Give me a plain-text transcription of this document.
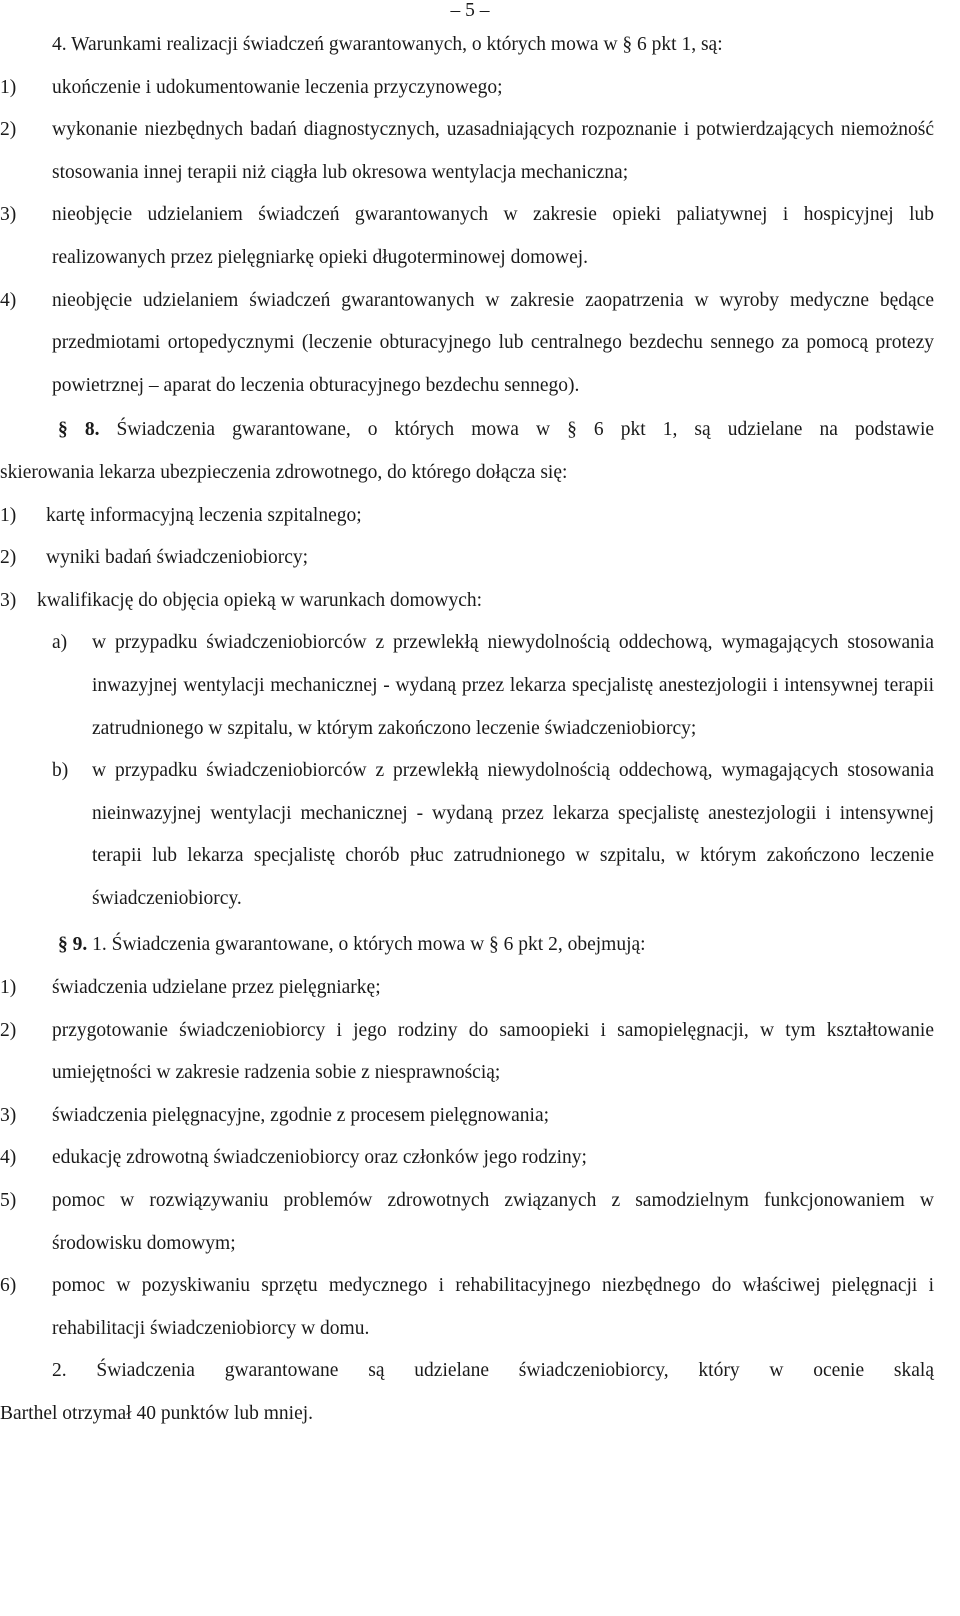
– 5 –

4. Warunkami realizacji świadczeń gwarantowanych, o których mowa w § 6 pkt 1, są:

1)	ukończenie i udokumentowanie leczenia przyczynowego;
2)	wykonanie niezbędnych badań diagnostycznych, uzasadniających rozpoznanie i potwierdzających niemożność stosowania innej terapii niż ciągła lub okresowa wentylacja mechaniczna;
3)	nieobjęcie udzielaniem świadczeń gwarantowanych w zakresie opieki paliatywnej i hospicyjnej lub realizowanych przez pielęgniarkę opieki długoterminowej domowej.
4)	nieobjęcie udzielaniem świadczeń gwarantowanych w zakresie zaopatrzenia w wyroby medyczne będące przedmiotami ortopedycznymi (leczenie obturacyjnego lub centralnego bezdechu sennego za pomocą protezy powietrznej – aparat do leczenia obturacyjnego bezdechu sennego).

§ 8. Świadczenia gwarantowane, o których mowa w § 6 pkt 1, są udzielane na podstawie

skierowania lekarza ubezpieczenia zdrowotnego, do którego dołącza się:

1)	kartę informacyjną leczenia szpitalnego;
2)	wyniki badań świadczeniobiorcy;
3)	kwalifikację do objęcia opieką w warunkach domowych:
a)	w przypadku świadczeniobiorców z przewlekłą niewydolnością oddechową, wymagających stosowania inwazyjnej wentylacji mechanicznej - wydaną przez lekarza specjalistę anestezjologii i intensywnej terapii zatrudnionego w szpitalu, w którym zakończono leczenie świadczeniobiorcy;
b)	w przypadku świadczeniobiorców z przewlekłą niewydolnością oddechową, wymagających stosowania nieinwazyjnej wentylacji mechanicznej - wydaną przez lekarza specjalistę anestezjologii i intensywnej terapii lub lekarza specjalistę chorób płuc zatrudnionego w szpitalu, w którym zakończono leczenie świadczeniobiorcy.

§ 9. 1. Świadczenia gwarantowane, o których mowa w § 6 pkt 2, obejmują:

1)	świadczenia udzielane przez pielęgniarkę;
2)	przygotowanie świadczeniobiorcy i jego rodziny do samoopieki i samopielęgnacji, w tym kształtowanie umiejętności w zakresie radzenia sobie z niesprawnością;
3)	świadczenia pielęgnacyjne, zgodnie z procesem pielęgnowania;
4)	edukację zdrowotną świadczeniobiorcy oraz członków jego rodziny;
5)	pomoc w rozwiązywaniu problemów zdrowotnych związanych z samodzielnym funkcjonowaniem w środowisku domowym;
6)	pomoc w pozyskiwaniu sprzętu medycznego i rehabilitacyjnego niezbędnego do właściwej pielęgnacji i rehabilitacji świadczeniobiorcy w domu.

2. Świadczenia gwarantowane są udzielane świadczeniobiorcy, który w ocenie skalą

Barthel otrzymał 40 punktów lub mniej.
